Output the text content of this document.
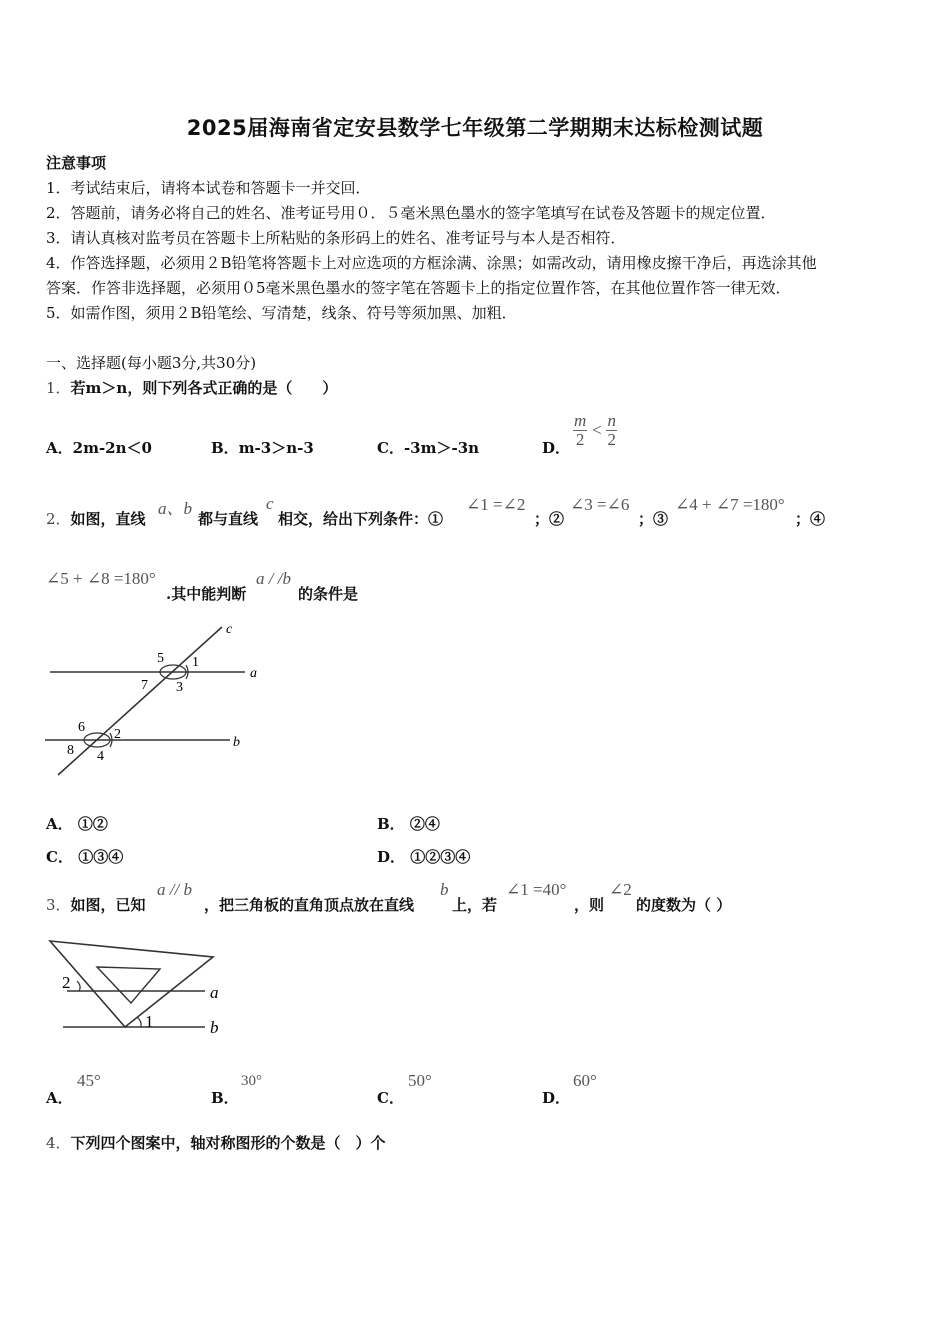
2025届海南省定安县数学七年级第二学期期末达标检测试题
注意事项
1．考试结束后，请将本试卷和答题卡一并交回．
2．答题前，请务必将自己的姓名、准考证号用０．５毫米黑色墨水的签字笔填写在试卷及答题卡的规定位置．
3．请认真核对监考员在答题卡上所粘贴的条形码上的姓名、准考证号与本人是否相符．
4．作答选择题，必须用２B铅笔将答题卡上对应选项的方框涂满、涂黑；如需改动，请用橡皮擦干净后，再选涂其他
答案．作答非选择题，必须用０5毫米黑色墨水的签字笔在答题卡上的指定位置作答，在其他位置作答一律无效．
5．如需作图，须用２B铅笔绘、写清楚，线条、符号等须加黑、加粗．
一、选择题(每小题3分,共30分)
1．若m＞n，则下列各式正确的是（　　）
A．2m-2n＜0	B．m-3＞n-3	C．-3m＞-3n	D． $\frac{m}{2} < \frac{n}{2}$
2．如图，直线
a、b
都与直线
c
相交，给出下列条件：①
∠1 =∠2
；②
∠3 =∠6
；③
∠4 + ∠7 =180°
；④
∠5 + ∠8 =180°
.其中能判断
a / /b
的条件是
c
a
b
1
5
7 3
6 2
8 4
A． ①②	B． ②④
C． ①③④	D． ①②③④
3．如图，已知
a // b
，把三角板的直角顶点放在直线
b
上，若
∠1 =40°
，则
∠2
的度数为（ ）
2
a
1	b
A．
45°
B．
30°
C．
50°
D．
60°
4．下列四个图案中，轴对称图形的个数是（　）个
